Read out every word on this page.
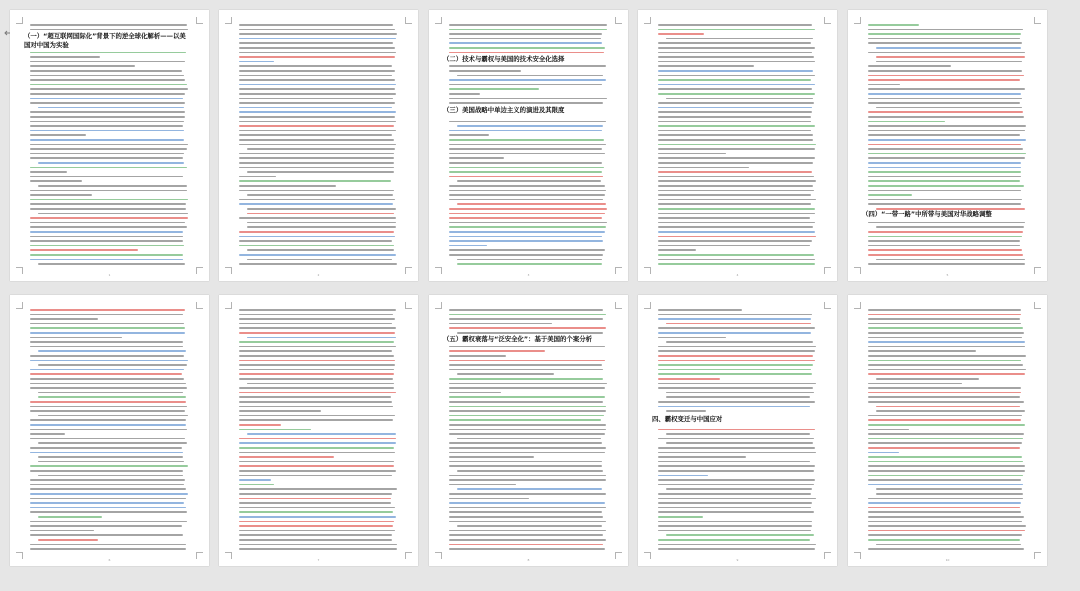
（一）“超互联网国际化”背景下的逆全球化解析——以美
国对中国为实验
1	2
（二）技术与霸权与美国的技术安全化选择
（三）美国战略中单边主义的演进及其限度
3	4
（四）“一带一路”中所带与美国对华战略调整
5
6	7
（五）霸权衰落与“泛安全化”：基于美国的个案分析
8
四、霸权变迁与中国应对
9	10
